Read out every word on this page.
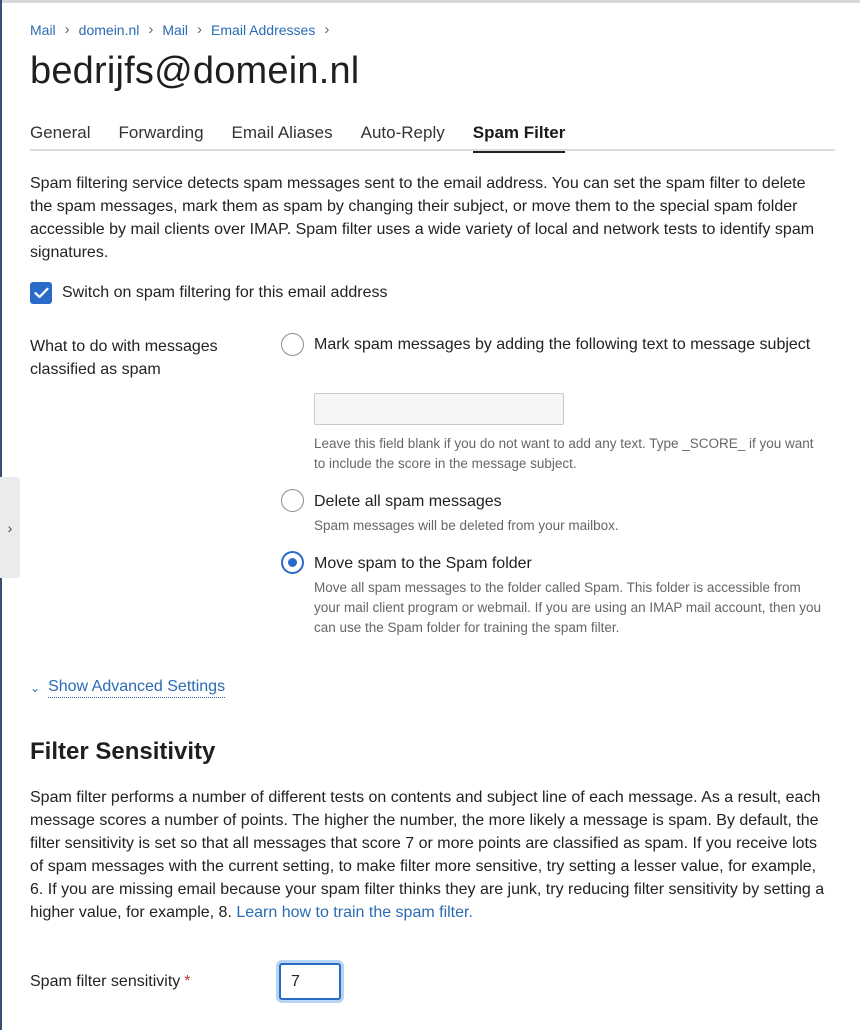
›
Mail › domein.nl › Mail › Email Addresses ›
bedrijfs@domein.nl
General Forwarding Email Aliases Auto-Reply Spam Filter

Spam filtering service detects spam messages sent to the email address. You can set the spam filter to delete the spam messages, mark them as spam by changing their subject, or move them to the special spam folder accessible by mail clients over IMAP. Spam filter uses a wide variety of local and network tests to identify spam signatures.

Switch on spam filtering for this email address
What to do with messages classified as spam
Mark spam messages by adding the following text to message subject
Leave this field blank if you do not want to add any text. Type _SCORE_ if you want to include the score in the message subject.
Delete all spam messages
Spam messages will be deleted from your mailbox.
Move spam to the Spam folder
Move all spam messages to the folder called Spam. This folder is accessible from your mail client program or webmail. If you are using an IMAP mail account, then you can use the Spam folder for training the spam filter.
⌄ Show Advanced Settings
Filter Sensitivity

Spam filter performs a number of different tests on contents and subject line of each message. As a result, each message scores a number of points. The higher the number, the more likely a message is spam. By default, the filter sensitivity is set so that all messages that score 7 or more points are classified as spam. If you receive lots of spam messages with the current setting, to make filter more sensitive, try setting a lesser value, for example, 6. If you are missing email because your spam filter thinks they are junk, try reducing filter sensitivity by setting a higher value, for example, 8. Learn how to train the spam filter.

Spam filter sensitivity *
7
